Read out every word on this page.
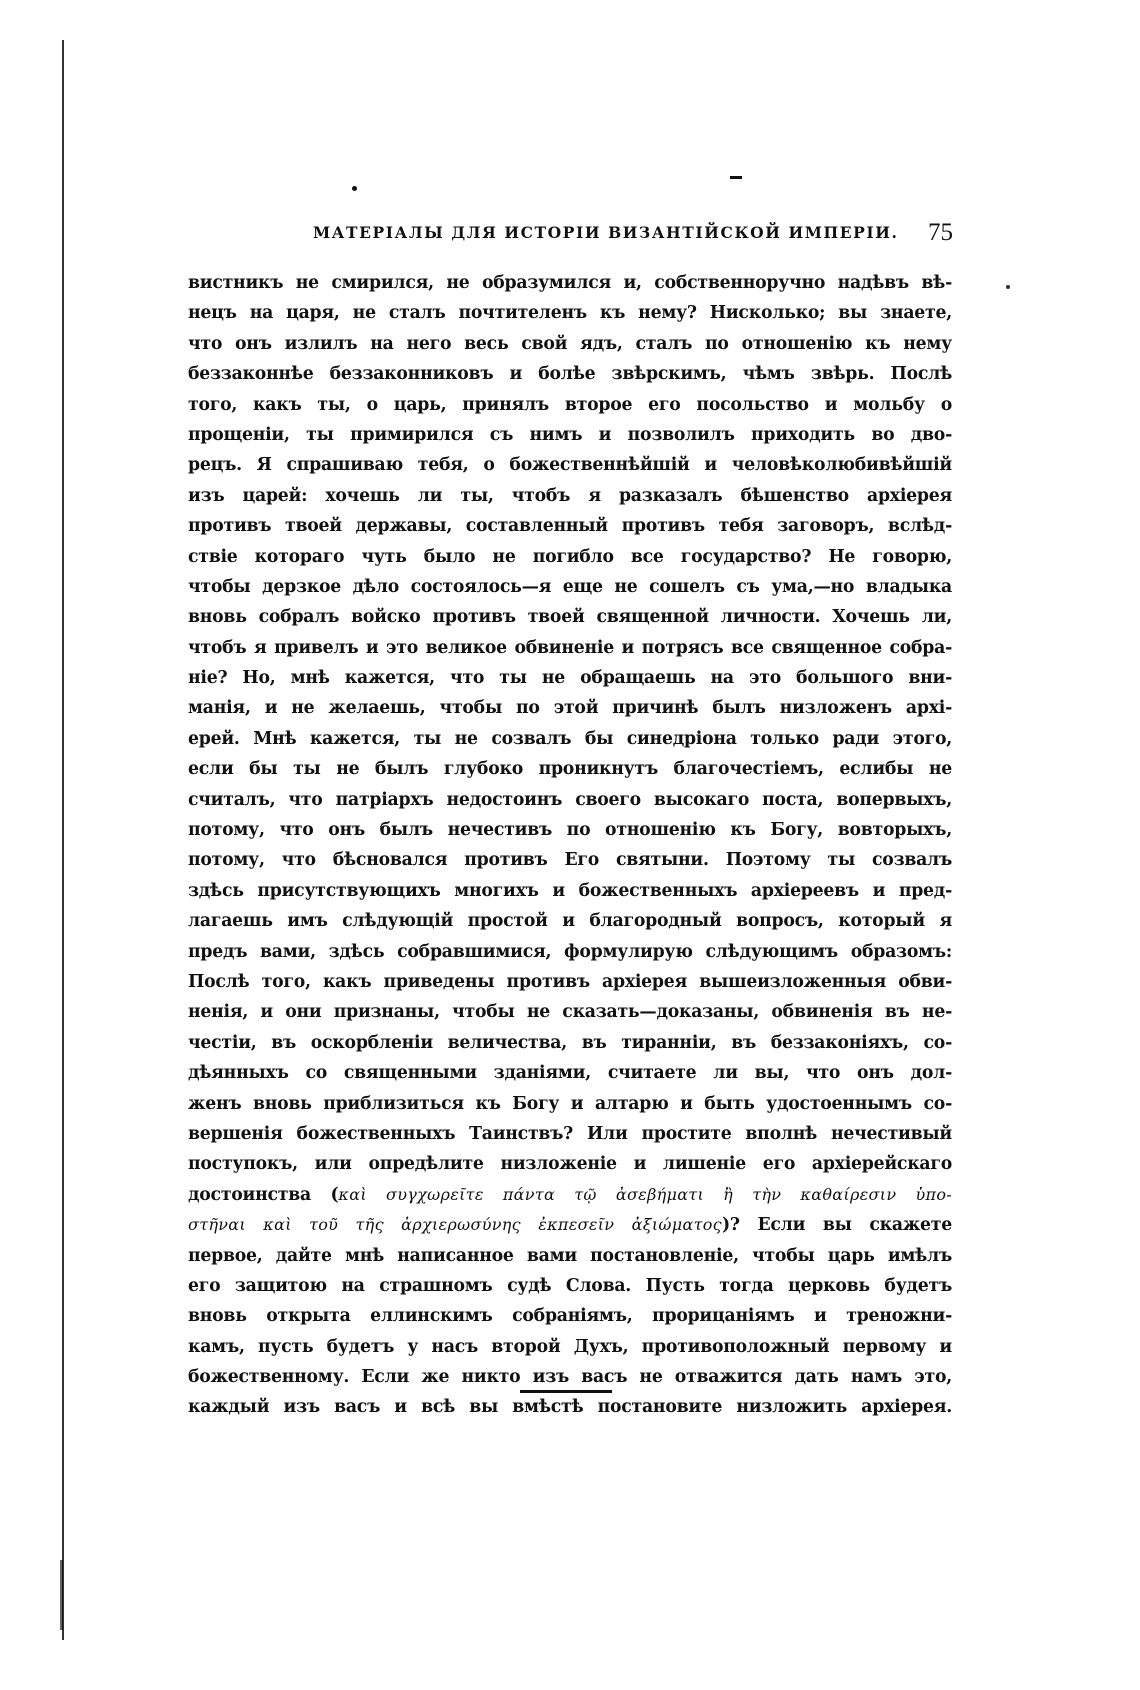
МАТЕРІАЛЫ ДЛЯ ИСТОРІИ ВИЗАНТІЙСКОЙ ИМПЕРІИ. 75
вистникъ не смирился, не образумился и, собственноручно надѣвъ вѣ-
нецъ на царя, не сталъ почтителенъ къ нему? Нисколько; вы знаете,
что онъ излилъ на него весь свой ядъ, сталъ по отношенію къ нему
беззаконнѣе беззаконниковъ и болѣе звѣрскимъ, чѣмъ звѣрь. Послѣ
того, какъ ты, о царь, принялъ второе его посольство и мольбу о
прощеніи, ты примирился съ нимъ и позволилъ приходить во дво-
рецъ. Я спрашиваю тебя, о божественнѣйшій и человѣколюбивѣйшій
изъ царей: хочешь ли ты, чтобъ я разказалъ бѣшенство архіерея
противъ твоей державы, составленный противъ тебя заговоръ, вслѣд-
ствіе котораго чуть было не погибло все государство? Не говорю,
чтобы дерзкое дѣло состоялось—я еще не сошелъ съ ума,—но владыка
вновь собралъ войско противъ твоей священной личности. Хочешь ли,
чтобъ я привелъ и это великое обвиненіе и потрясъ все священное собра-
ніе? Но, мнѣ кажется, что ты не обращаешь на это большого вни-
манія, и не желаешь, чтобы по этой причинѣ былъ низложенъ архі-
ерей. Мнѣ кажется, ты не созвалъ бы синедріона только ради этого,
если бы ты не былъ глубоко проникнутъ благочестіемъ, еслибы не
считалъ, что патріархъ недостоинъ своего высокаго поста, вопервыхъ,
потому, что онъ былъ нечестивъ по отношенію къ Богу, вовторыхъ,
потому, что бѣсновался противъ Его святыни. Поэтому ты созвалъ
здѣсь присутствующихъ многихъ и божественныхъ архіереевъ и пред-
лагаешь имъ слѣдующій простой и благородный вопросъ, который я
предъ вами, здѣсь собравшимися, формулирую слѣдующимъ образомъ:
Послѣ того, какъ приведены противъ архіерея вышеизложенныя обви-
ненія, и они признаны, чтобы не сказать—доказаны, обвиненія въ не-
честіи, въ оскорбленіи величества, въ тиранніи, въ беззаконіяхъ, со-
дѣянныхъ со священными зданіями, считаете ли вы, что онъ дол-
женъ вновь приблизиться къ Богу и алтарю и быть удостоеннымъ со-
вершенія божественныхъ Таинствъ? Или простите вполнѣ нечестивый
поступокъ, или опредѣлите низложеніе и лишеніе его архіерейскаго
достоинства (καὶ συγχωρεῖτε πάντα τῷ ἀσεβήματι ἢ τὴν καθαίρεσιν ὑπο-
στῆναι καὶ τοῦ τῆς ἀρχιερωσύνης ἐκπεσεῖν ἀξιώματος)? Если вы скажете
первое, дайте мнѣ написанное вами постановленіе, чтобы царь имѣлъ
его защитою на страшномъ судѣ Слова. Пусть тогда церковь будетъ
вновь открыта еллинскимъ собраніямъ, прорицаніямъ и треножни-
камъ, пусть будетъ у насъ второй Духъ, противоположный первому и
божественному. Если же никто изъ васъ не отважится дать намъ это,
каждый изъ васъ и всѣ вы вмѣстѣ постановите низложить архіерея.
